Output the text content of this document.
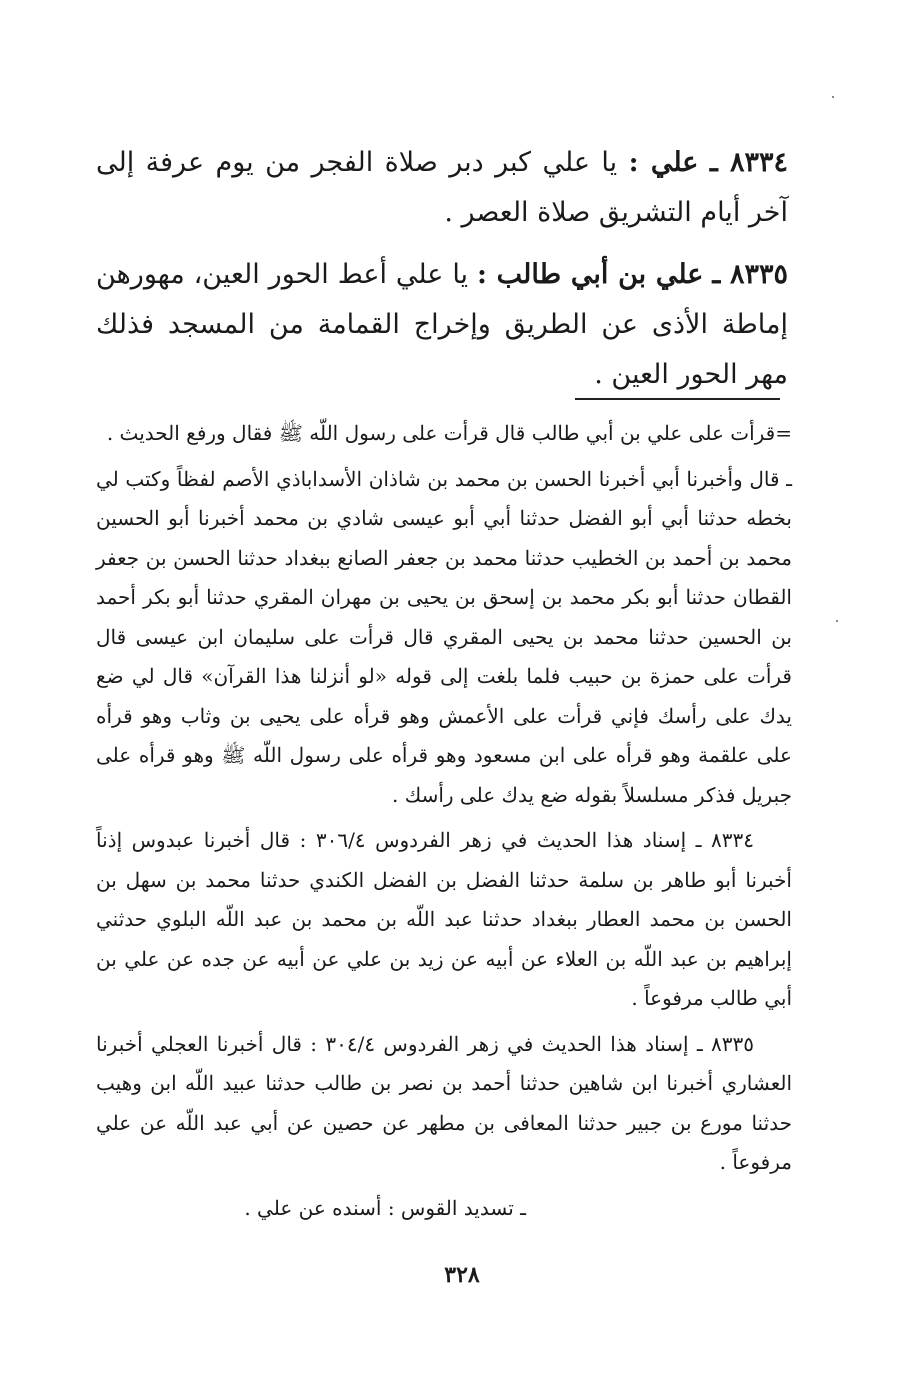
٨٣٣٤ ـ علي : يا علي كبر دبر صلاة الفجر من يوم عرفة إلى آخر أيام التشريق صلاة العصر .

٨٣٣٥ ـ علي بن أبي طالب : يا علي أعط الحور العين، مهورهن إماطة الأذى عن الطريق وإخراج القمامة من المسجد فذلك مهر الحور العين .

=قرأت على علي بن أبي طالب قال قرأت على رسول اللّه ﷺ فقال ورفع الحديث .

ـ قال وأخبرنا أبي أخبرنا الحسن بن محمد بن شاذان الأسداباذي الأصم لفظاً وكتب لي بخطه حدثنا أبي أبو الفضل حدثنا أبي أبو عيسى شادي بن محمد أخبرنا أبو الحسين محمد بن أحمد بن الخطيب حدثنا محمد بن جعفر الصانع ببغداد حدثنا الحسن بن جعفر القطان حدثنا أبو بكر محمد بن إسحق بن يحيى بن مهران المقري حدثنا أبو بكر أحمد بن الحسين حدثنا محمد بن يحيى المقري قال قرأت على سليمان ابن عيسى قال قرأت على حمزة بن حبيب فلما بلغت إلى قوله «لو أنزلنا هذا القرآن» قال لي ضع يدك على رأسك فإني قرأت على الأعمش وهو قرأه على يحيى بن وثاب وهو قرأه على علقمة وهو قرأه على ابن مسعود وهو قرأه على رسول اللّه ﷺ وهو قرأه على جبريل فذكر مسلسلاً بقوله ضع يدك على رأسك .

٨٣٣٤ ـ إسناد هذا الحديث في زهر الفردوس ٣٠٦/٤ : قال أخبرنا عبدوس إذناً أخبرنا أبو طاهر بن سلمة حدثنا الفضل بن الفضل الكندي حدثنا محمد بن سهل بن الحسن بن محمد العطار ببغداد حدثنا عبد اللّه بن محمد بن عبد اللّه البلوي حدثني إبراهيم بن عبد اللّه بن العلاء عن أبيه عن زيد بن علي عن أبيه عن جده عن علي بن أبي طالب مرفوعاً .

٨٣٣٥ ـ إسناد هذا الحديث في زهر الفردوس ٣٠٤/٤ : قال أخبرنا العجلي أخبرنا العشاري أخبرنا ابن شاهين حدثنا أحمد بن نصر بن طالب حدثنا عبيد اللّه ابن وهيب حدثنا مورع بن جبير حدثنا المعافى بن مطهر عن حصين عن أبي عبد اللّه عن علي مرفوعاً .

ـ تسديد القوس : أسنده عن علي .

٣٢٨
